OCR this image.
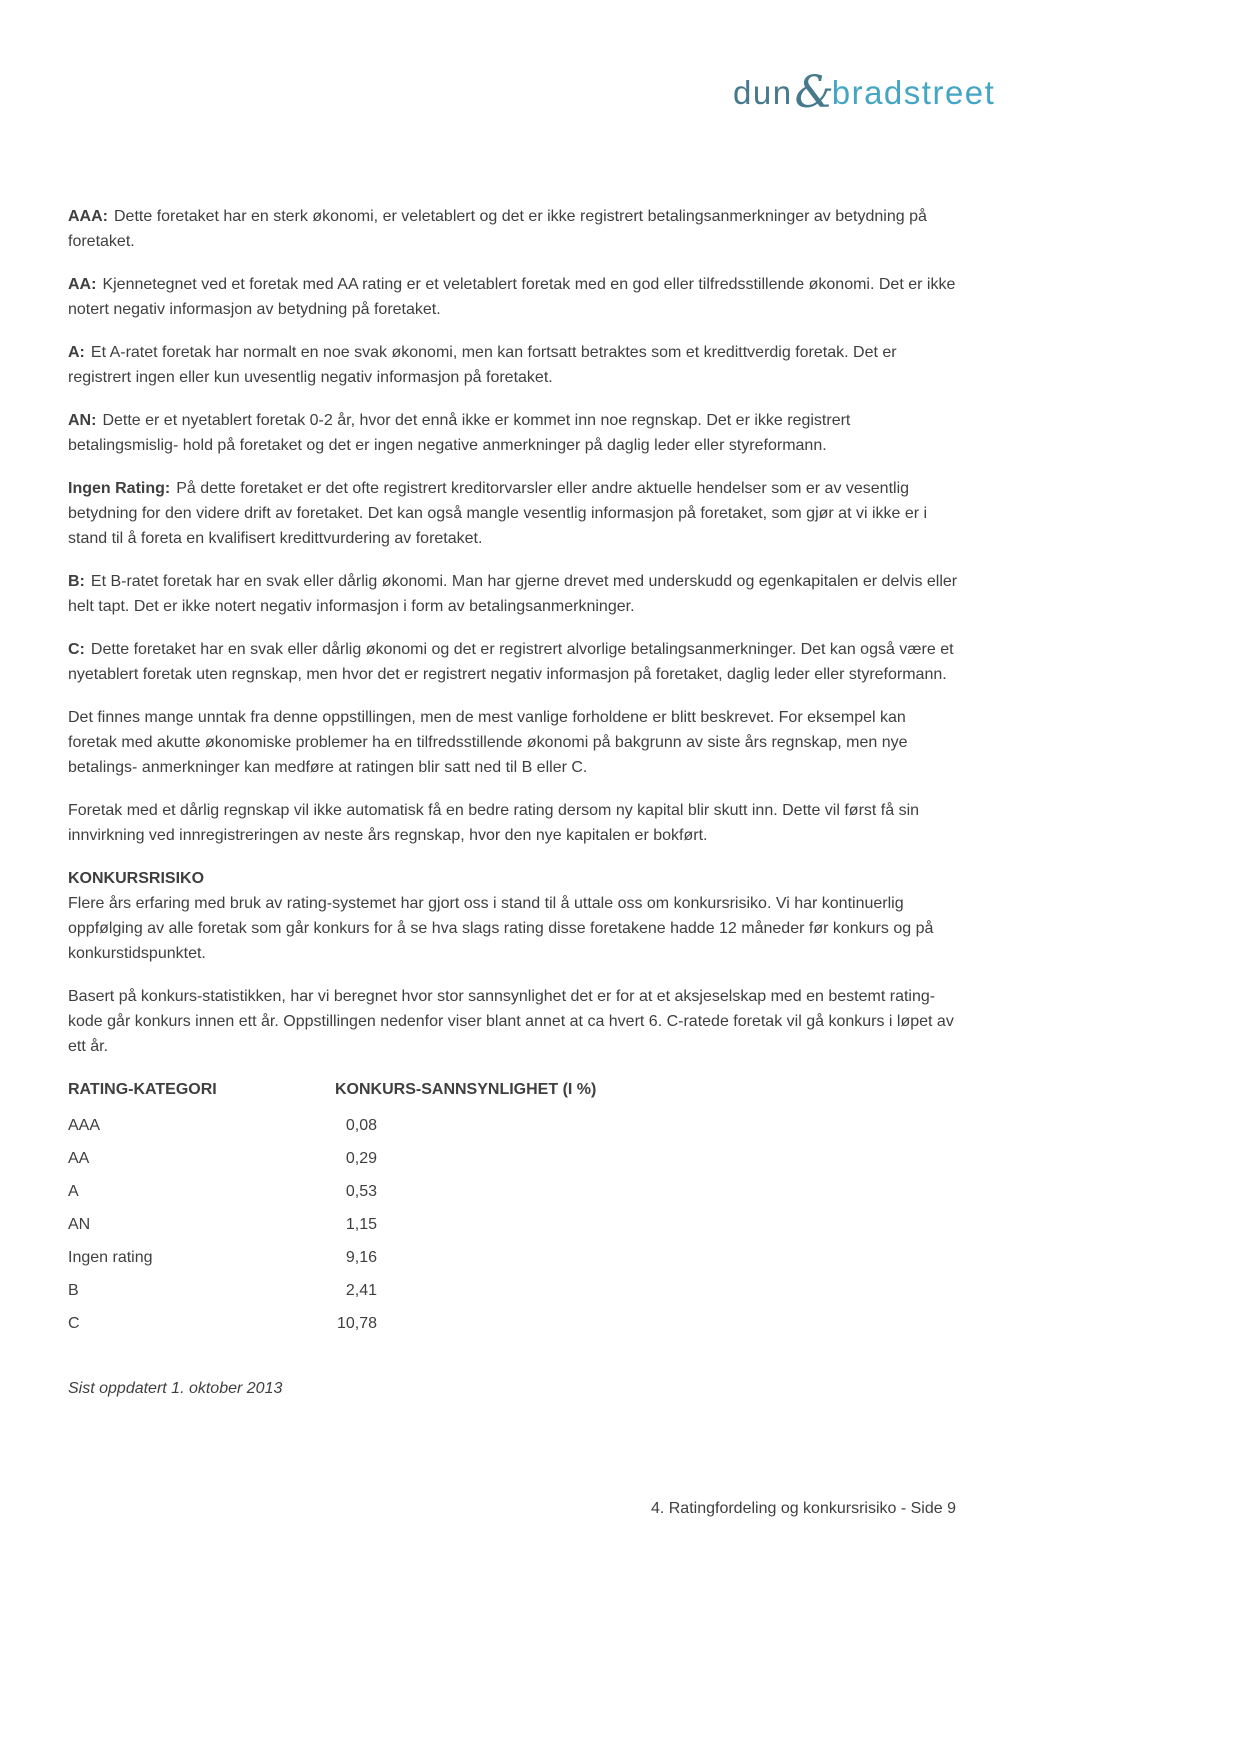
dun &
bradstreet

AAA: Dette foretaket har en sterk økonomi, er veletablert og det er ikke registrert betalingsanmerkninger av betydning på foretaket.

AA: Kjennetegnet ved et foretak med AA rating er et veletablert foretak med en god eller tilfredsstillende økonomi. Det er ikke notert negativ informasjon av betydning på foretaket.

A: Et A-ratet foretak har normalt en noe svak økonomi, men kan fortsatt betraktes som et kredittverdig foretak. Det er registrert ingen eller kun uvesentlig negativ informasjon på foretaket.

AN: Dette er et nyetablert foretak 0-2 år, hvor det ennå ikke er kommet inn noe regnskap. Det er ikke registrert betalingsmislig- hold på foretaket og det er ingen negative anmerkninger på daglig leder eller styreformann.

Ingen Rating: På dette foretaket er det ofte registrert kreditorvarsler eller andre aktuelle hendelser som er av vesentlig betydning for den videre drift av foretaket. Det kan også mangle vesentlig informasjon på foretaket, som gjør at vi ikke er i stand til å foreta en kvalifisert kredittvurdering av foretaket.

B: Et B-ratet foretak har en svak eller dårlig økonomi. Man har gjerne drevet med underskudd og egenkapitalen er delvis eller helt tapt. Det er ikke notert negativ informasjon i form av betalingsanmerkninger.

C: Dette foretaket har en svak eller dårlig økonomi og det er registrert alvorlige betalingsanmerkninger. Det kan også være et nyetablert foretak uten regnskap, men hvor det er registrert negativ informasjon på foretaket, daglig leder eller styreformann.

Det finnes mange unntak fra denne oppstillingen, men de mest vanlige forholdene er blitt beskrevet. For eksempel kan foretak med akutte økonomiske problemer ha en tilfredsstillende økonomi på bakgrunn av siste års regnskap, men nye betalings- anmerkninger kan medføre at ratingen blir satt ned til B eller C.

Foretak med et dårlig regnskap vil ikke automatisk få en bedre rating dersom ny kapital blir skutt inn. Dette vil først få sin innvirkning ved innregistreringen av neste års regnskap, hvor den nye kapitalen er bokført.

KONKURSRISIKO

Flere års erfaring med bruk av rating-systemet har gjort oss i stand til å uttale oss om konkursrisiko. Vi har kontinuerlig oppfølging av alle foretak som går konkurs for å se hva slags rating disse foretakene hadde 12 måneder før konkurs og på konkurstidspunktet.

Basert på konkurs-statistikken, har vi beregnet hvor stor sannsynlighet det er for at et aksjeselskap med en bestemt rating-kode går konkurs innen ett år. Oppstillingen nedenfor viser blant annet at ca hvert 6. C-ratede foretak vil gå konkurs i løpet av ett år.

RATING-KATEGORI	KONKURS-SANNSYNLIGHET (I %)
AAA	0,08
AA	0,29
A	0,53
AN	1,15
Ingen rating	9,16
B	2,41
C	10,78

Sist oppdatert 1. oktober 2013

4. Ratingfordeling og konkursrisiko - Side 9
